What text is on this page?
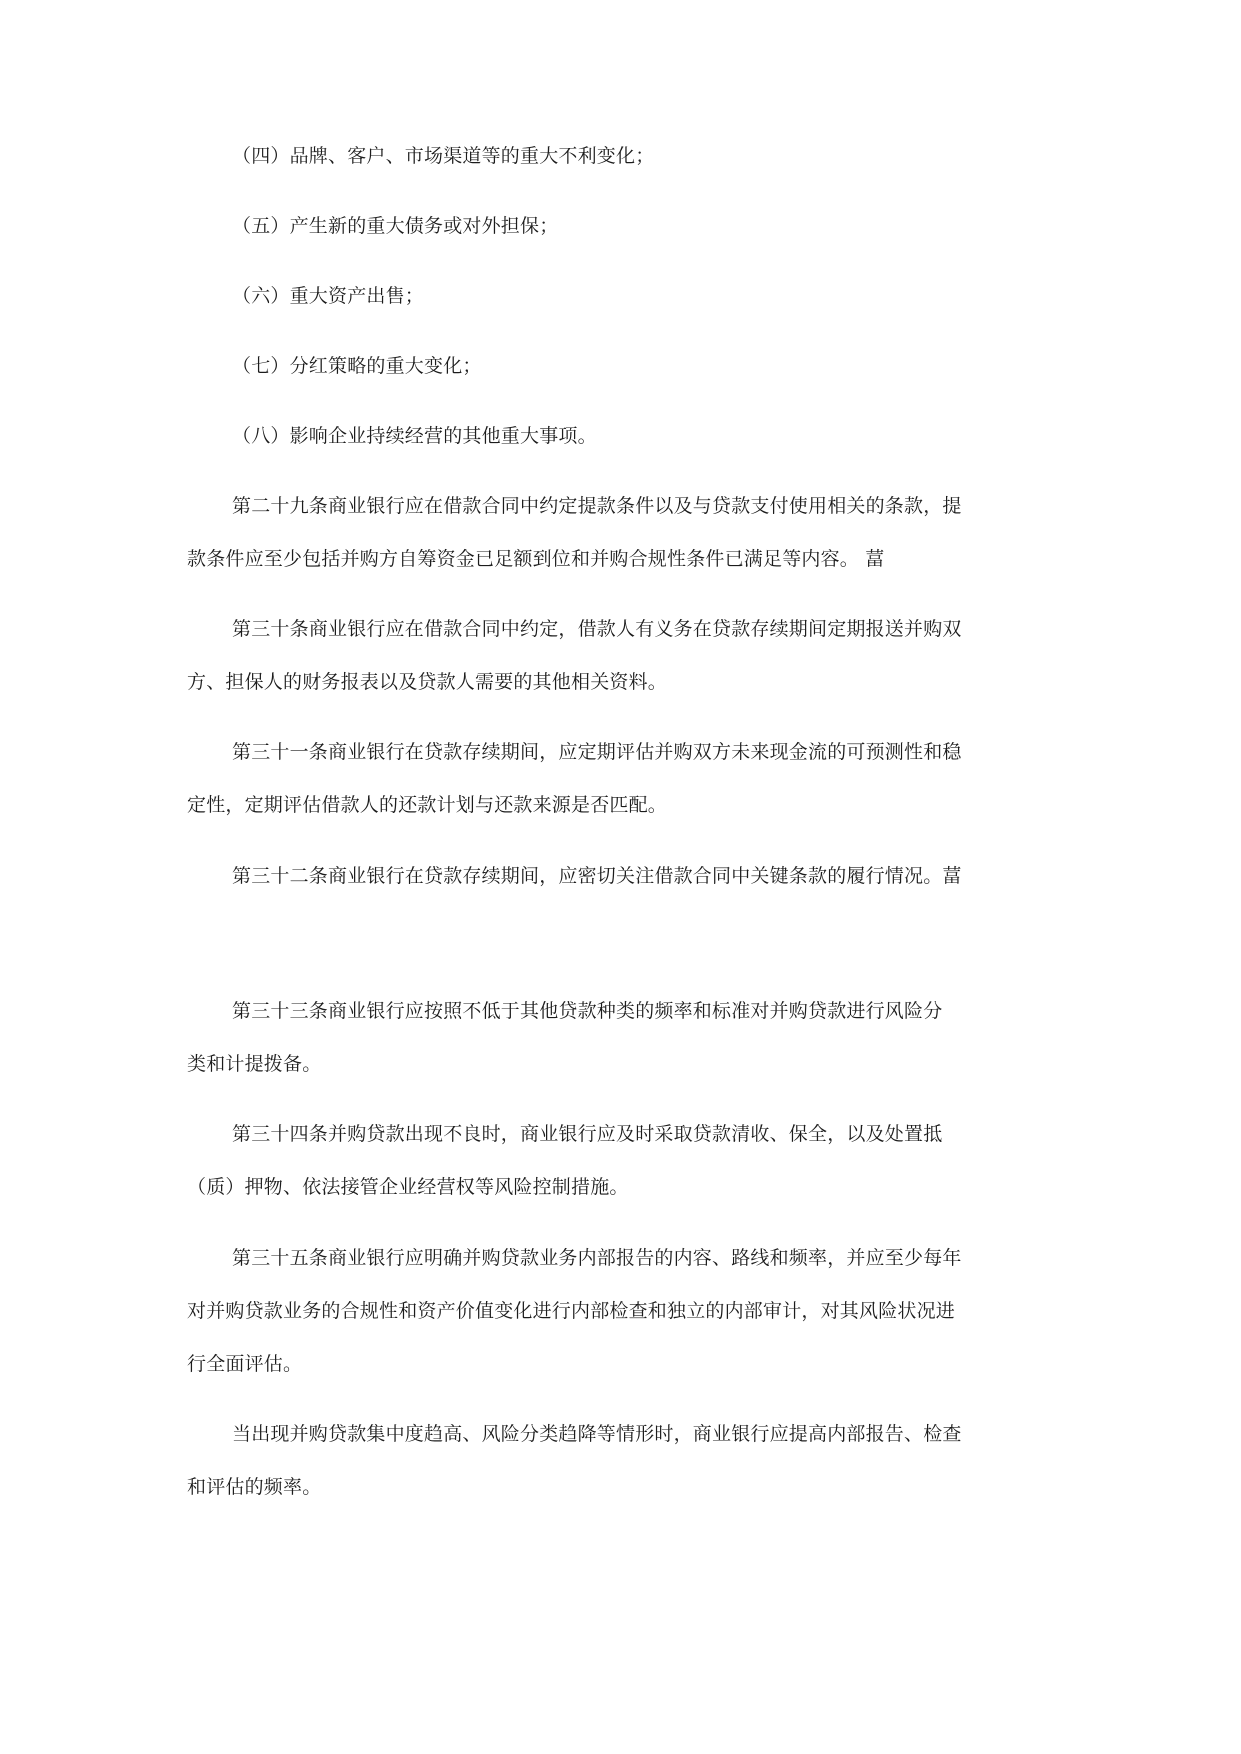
（四）品牌、客户、市场渠道等的重大不利变化；

（五）产生新的重大债务或对外担保；

（六）重大资产出售；

（七）分红策略的重大变化；

（八）影响企业持续经营的其他重大事项。

第二十九条商业银行应在借款合同中约定提款条件以及与贷款支付使用相关的条款，提
款条件应至少包括并购方自筹资金已足额到位和并购合规性条件已满足等内容。 葍

第三十条商业银行应在借款合同中约定，借款人有义务在贷款存续期间定期报送并购双
方、担保人的财务报表以及贷款人需要的其他相关资料。

第三十一条商业银行在贷款存续期间，应定期评估并购双方未来现金流的可预测性和稳
定性，定期评估借款人的还款计划与还款来源是否匹配。

第三十二条商业银行在贷款存续期间，应密切关注借款合同中关键条款的履行情况。葍

第三十三条商业银行应按照不低于其他贷款种类的频率和标准对并购贷款进行风险分
类和计提拨备。

第三十四条并购贷款出现不良时，商业银行应及时采取贷款清收、保全，以及处置抵
（质）押物、依法接管企业经营权等风险控制措施。

第三十五条商业银行应明确并购贷款业务内部报告的内容、路线和频率，并应至少每年
对并购贷款业务的合规性和资产价值变化进行内部检查和独立的内部审计，对其风险状况进
行全面评估。

当出现并购贷款集中度趋高、风险分类趋降等情形时，商业银行应提高内部报告、检查
和评估的频率。
